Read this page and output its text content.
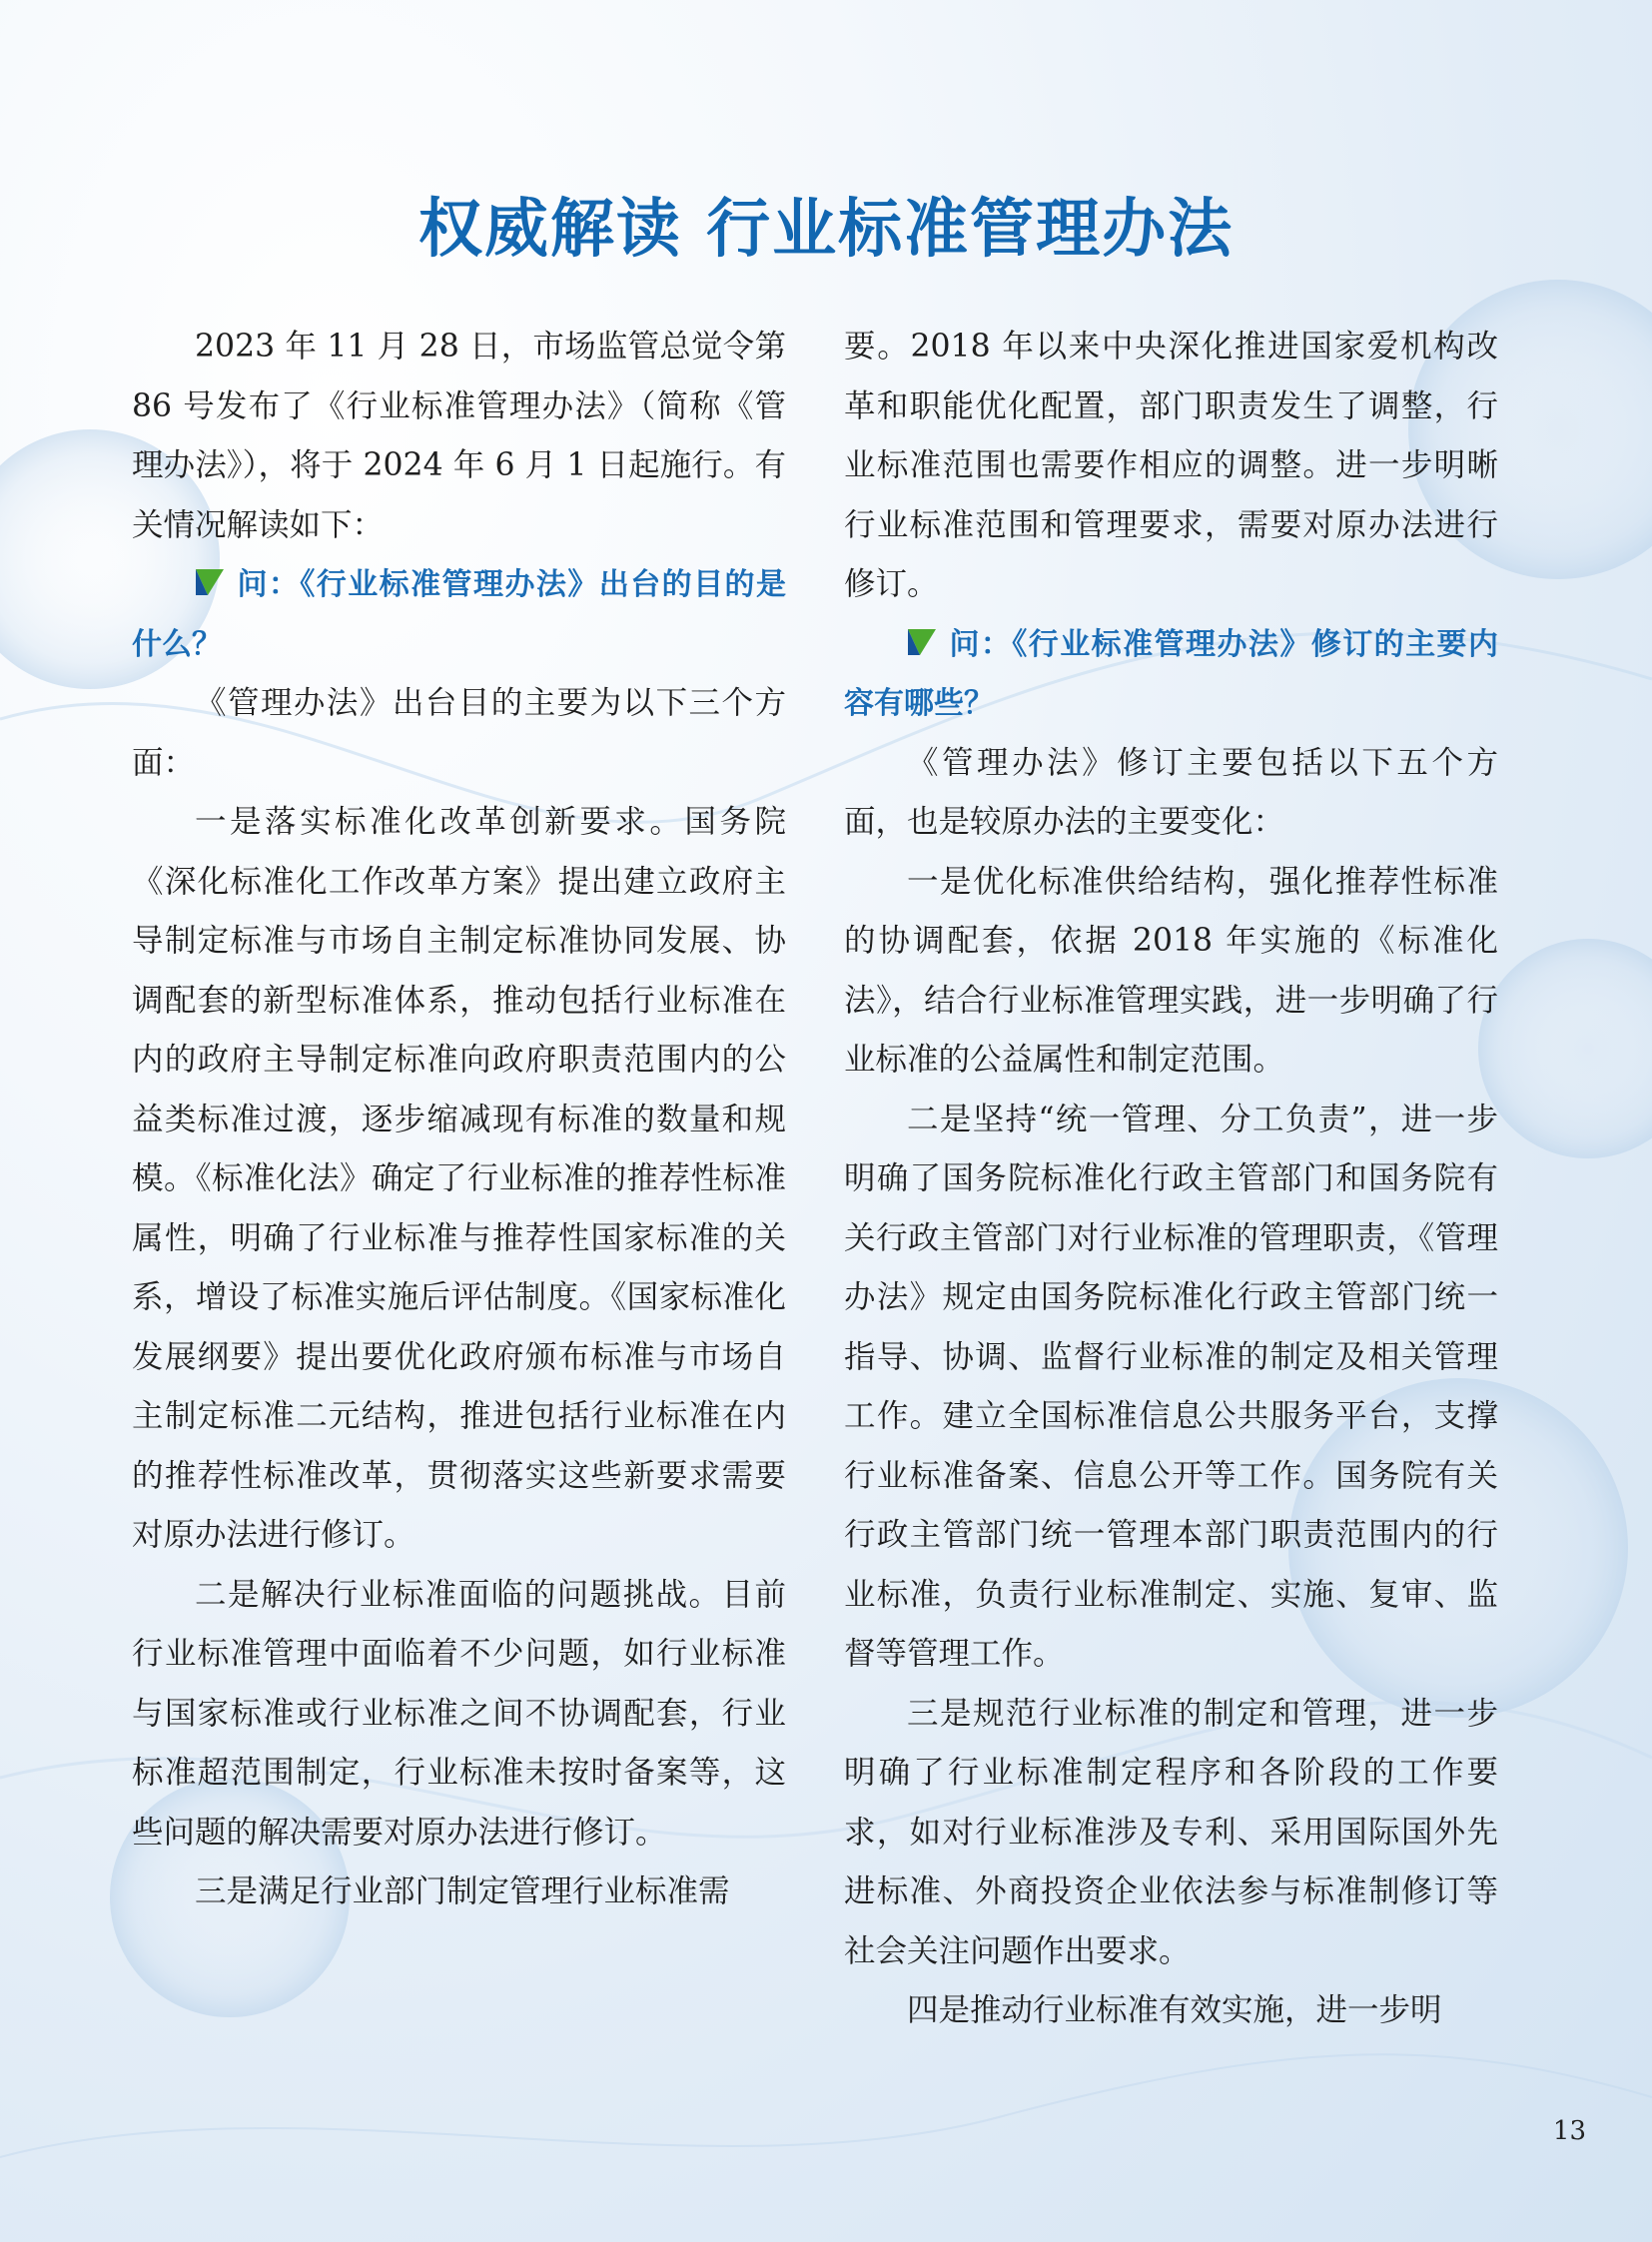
权威解读 行业标准管理办法

2023 年 11 月 28 日，市场监管总觉令第 86 号发布了《行业标准管理办法》（简称《管理办法》），将于 2024 年 6 月 1 日起施行。有关情况解读如下：

问：《行业标准管理办法》出台的目的是什么？

《管理办法》出台目的主要为以下三个方面：

一是落实标准化改革创新要求。国务院《深化标准化工作改革方案》提出建立政府主导制定标准与市场自主制定标准协同发展、协调配套的新型标准体系，推动包括行业标准在内的政府主导制定标准向政府职责范围内的公益类标准过渡，逐步缩减现有标准的数量和规模。《标准化法》确定了行业标准的推荐性标准属性，明确了行业标准与推荐性国家标准的关系，增设了标准实施后评估制度。《国家标准化发展纲要》提出要优化政府颁布标准与市场自主制定标准二元结构，推进包括行业标准在内的推荐性标准改革，贯彻落实这些新要求需要对原办法进行修订。

二是解决行业标准面临的问题挑战。目前行业标准管理中面临着不少问题，如行业标准与国家标准或行业标准之间不协调配套，行业标准超范围制定，行业标准未按时备案等，这些问题的解决需要对原办法进行修订。

三是满足行业部门制定管理行业标准需

要。2018 年以来中央深化推进国家爱机构改革和职能优化配置，部门职责发生了调整，行业标准范围也需要作相应的调整。进一步明晰行业标准范围和管理要求，需要对原办法进行修订。

问：《行业标准管理办法》修订的主要内容有哪些？

《管理办法》修订主要包括以下五个方面，也是较原办法的主要变化：

一是优化标准供给结构，强化推荐性标准的协调配套，依据 2018 年实施的《标准化法》，结合行业标准管理实践，进一步明确了行业标准的公益属性和制定范围。

二是坚持“统一管理、分工负责”，进一步明确了国务院标准化行政主管部门和国务院有关行政主管部门对行业标准的管理职责，《管理办法》规定由国务院标准化行政主管部门统一指导、协调、监督行业标准的制定及相关管理工作。建立全国标准信息公共服务平台，支撑行业标准备案、信息公开等工作。国务院有关行政主管部门统一管理本部门职责范围内的行业标准，负责行业标准制定、实施、复审、监督等管理工作。

三是规范行业标准的制定和管理，进一步明确了行业标准制定程序和各阶段的工作要求，如对行业标准涉及专利、采用国际国外先进标准、外商投资企业依法参与标准制修订等社会关注问题作出要求。

四是推动行业标准有效实施，进一步明

13
